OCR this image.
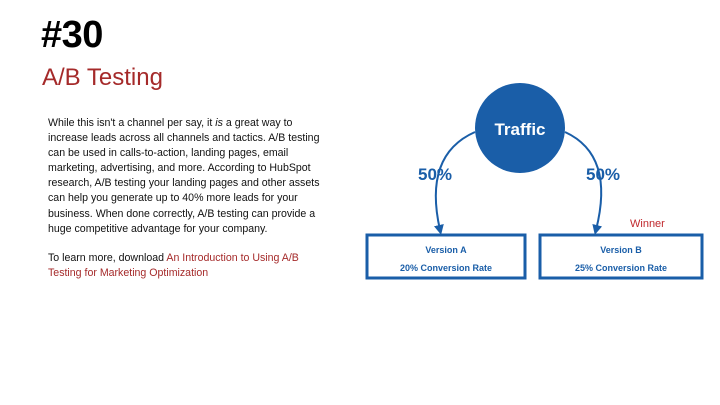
#30
A/B Testing

While this isn't a channel per say, it is a great way to increase leads across all channels and tactics. A/B testing can be used in calls-to-action, landing pages, email marketing, advertising, and more. According to HubSpot research, A/B testing your landing pages and other assets can help you generate up to 40% more leads for your business. When done correctly, A/B testing can provide a huge competitive advantage for your company.

To learn more, download An Introduction to Using A/B Testing for Marketing Optimization

Traffic
50%	50%
Winner
Version A
20% Conversion Rate
Version B
25% Conversion Rate
